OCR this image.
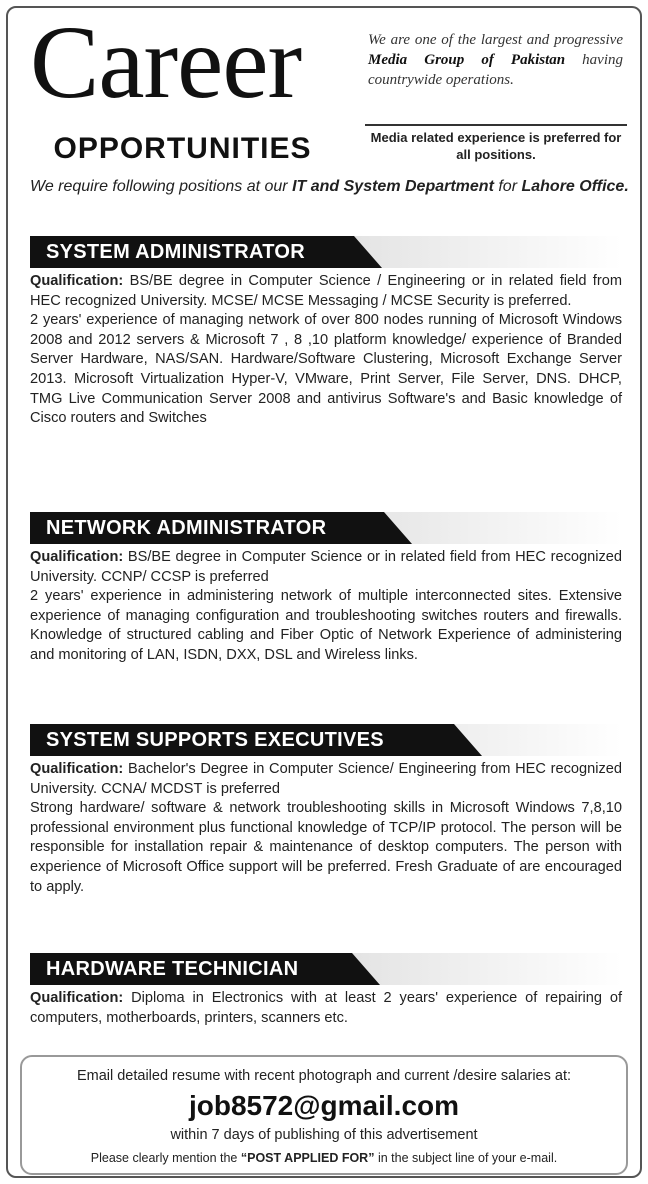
Career
OPPORTUNITIES
We are one of the largest and progressive Media Group of Pakistan having countrywide operations.
Media related experience is preferred for all positions.
We require following positions at our IT and System Department for Lahore Office.
SYSTEM ADMINISTRATOR

Qualification: BS/BE degree in Computer Science / Engineering or in related field from HEC recognized University. MCSE/ MCSE Messaging / MCSE Security is preferred.

2 years' experience of managing network of over 800 nodes running of Microsoft Windows 2008 and 2012 servers & Microsoft 7 , 8 ,10 platform knowledge/ experience of Branded Server Hardware, NAS/SAN. Hardware/Software Clustering, Microsoft Exchange Server 2013. Microsoft Virtualization Hyper-V, VMware, Print Server, File Server, DNS. DHCP, TMG Live Communication Server 2008 and antivirus Software's and Basic knowledge of Cisco routers and Switches

NETWORK ADMINISTRATOR

Qualification: BS/BE degree in Computer Science or in related field from HEC recognized University. CCNP/ CCSP is preferred

2 years' experience in administering network of multiple interconnected sites. Extensive experience of managing configuration and troubleshooting switches routers and firewalls. Knowledge of structured cabling and Fiber Optic of Network Experience of administering and monitoring of LAN, ISDN, DXX, DSL and Wireless links.

SYSTEM SUPPORTS EXECUTIVES

Qualification: Bachelor's Degree in Computer Science/ Engineering from HEC recognized University. CCNA/ MCDST is preferred

Strong hardware/ software & network troubleshooting skills in Microsoft Windows 7,8,10 professional environment plus functional knowledge of TCP/IP protocol. The person will be responsible for installation repair & maintenance of desktop computers. The person with experience of Microsoft Office support will be preferred. Fresh Graduate of are encouraged to apply.

HARDWARE TECHNICIAN

Qualification: Diploma in Electronics with at least 2 years' experience of repairing of computers, motherboards, printers, scanners etc.

Email detailed resume with recent photograph and current /desire salaries at:
job8572@gmail.com
within 7 days of publishing of this advertisement
Please clearly mention the “POST APPLIED FOR” in the subject line of your e-mail.
